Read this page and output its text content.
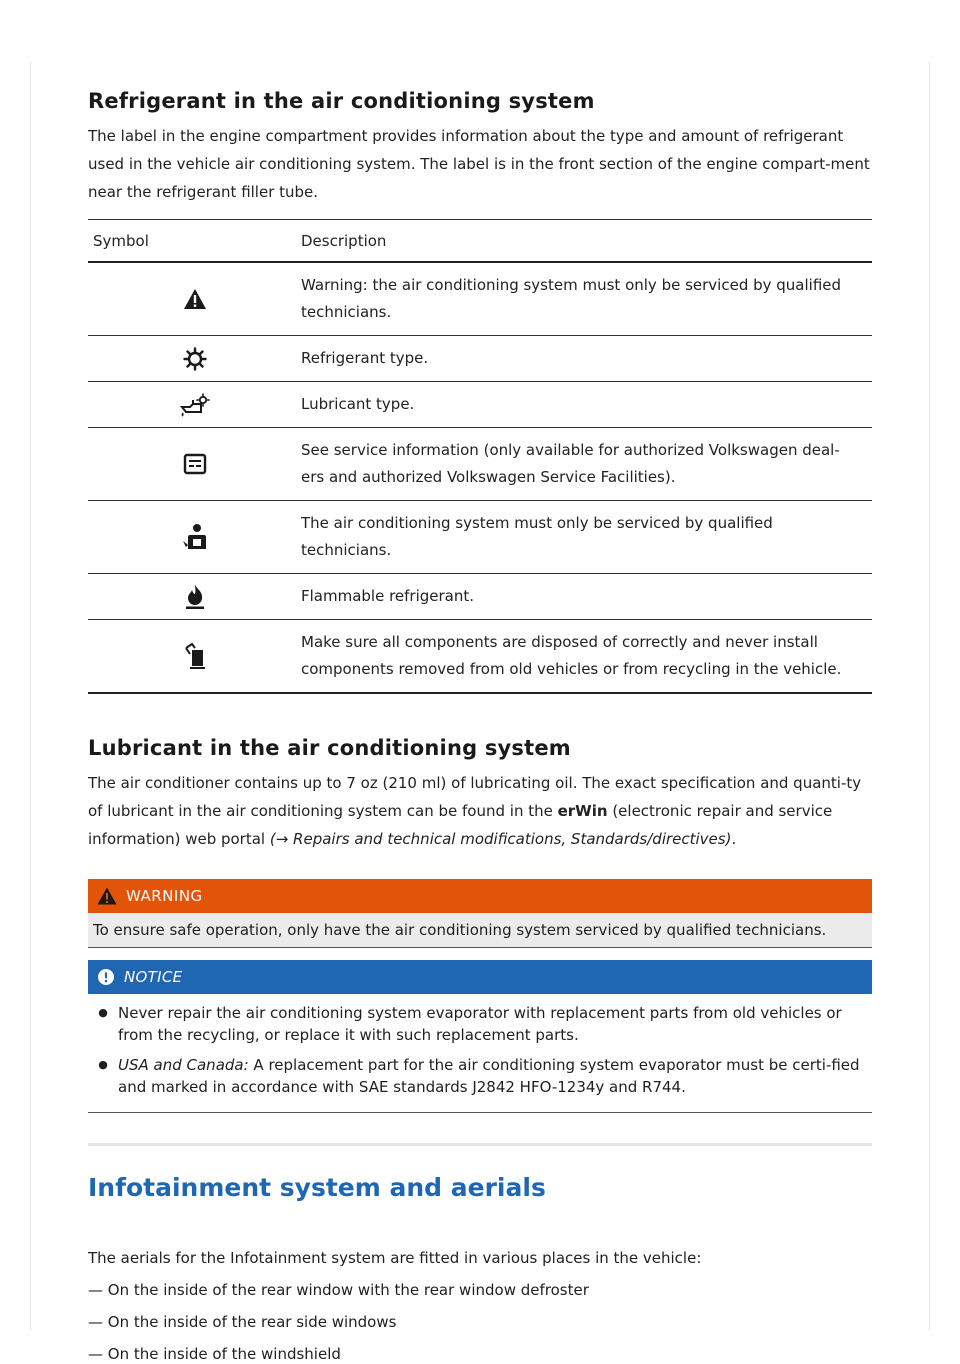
Refrigerant in the air conditioning system

The label in the engine compartment provides information about the type and amount of refrigerant used in the vehicle air conditioning system. The label is in the front section of the engine compart-ment near the refrigerant filler tube.

Symbol	Description
	Warning: the air conditioning system must only be serviced by qualified technicians.
	Refrigerant type.
	Lubricant type.
	See service information (only available for authorized Volkswagen deal-ers and authorized Volkswagen Service Facilities).
	The air conditioning system must only be serviced by qualified technicians.
	Flammable refrigerant.
	Make sure all components are disposed of correctly and never install components removed from old vehicles or from recycling in the vehicle.
Lubricant in the air conditioning system

The air conditioner contains up to 7 oz (210 ml) of lubricating oil. The exact specification and quanti-ty of lubricant in the air conditioning system can be found in the erWin (electronic repair and service information) web portal (→ Repairs and technical modifications, Standards/directives).

WARNING
To ensure safe operation, only have the air conditioning system serviced by qualified technicians.
NOTICE
● Never repair the air conditioning system evaporator with replacement parts from old vehicles or from the recycling, or replace it with such replacement parts.
● USA and Canada: A replacement part for the air conditioning system evaporator must be certi-fied and marked in accordance with SAE standards J2842 HFO-1234y and R744.
Infotainment system and aerials

The aerials for the Infotainment system are fitted in various places in the vehicle:

— On the inside of the rear window with the rear window defroster
— On the inside of the rear side windows
— On the inside of the windshield
